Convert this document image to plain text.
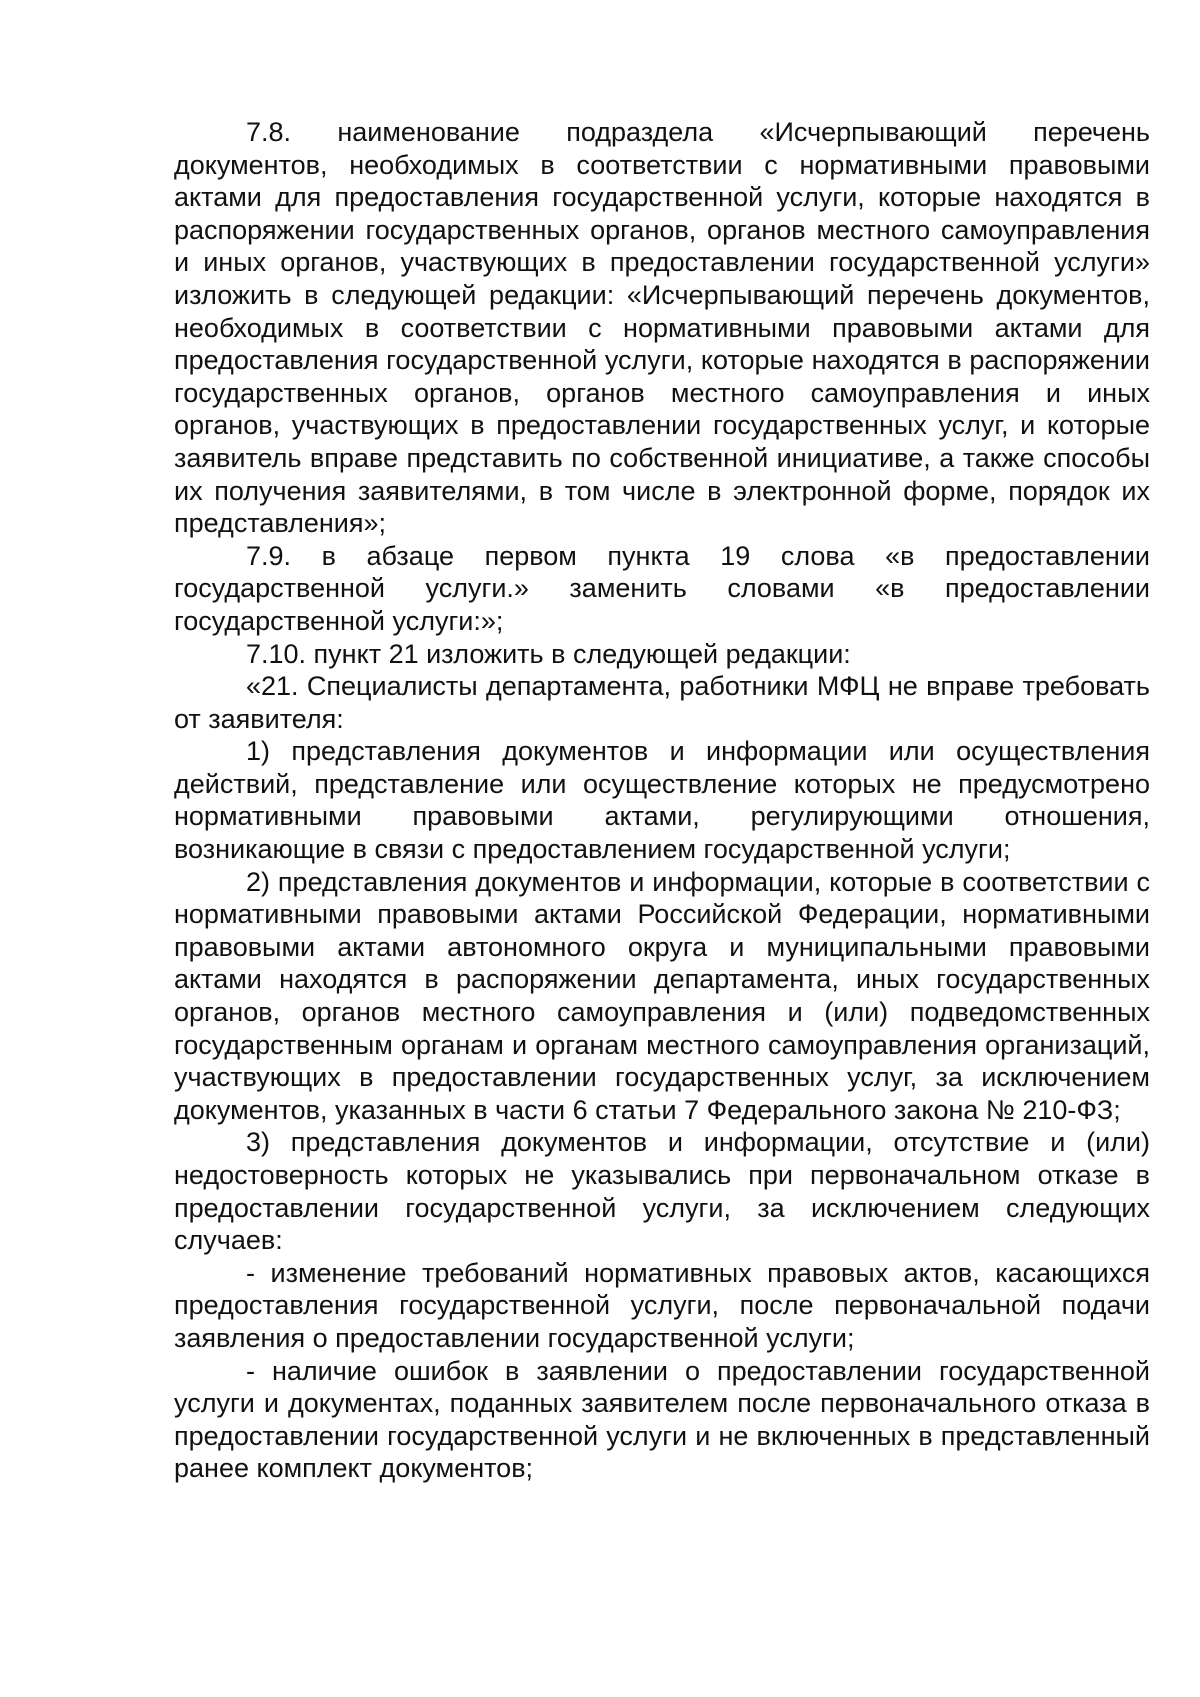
7.8. наименование подраздела «Исчерпывающий перечень документов, необходимых в соответствии с нормативными правовыми актами для предоставления государственной услуги, которые находятся в распоряжении государственных органов, органов местного самоуправления и иных органов, участвующих в предоставлении государственной услуги» изложить в следующей редакции: «Исчерпывающий перечень документов, необходимых в соответствии с нормативными правовыми актами для предоставления государственной услуги, которые находятся в распоряжении государственных органов, органов местного самоуправления и иных органов, участвующих в предоставлении государственных услуг, и которые заявитель вправе представить по собственной инициативе, а также способы их получения заявителями, в том числе в электронной форме, порядок их представления»;

7.9. в абзаце первом пункта 19 слова «в предоставлении государственной услуги.» заменить словами «в предоставлении государственной услуги:»;

7.10. пункт 21 изложить в следующей редакции:

«21. Специалисты департамента, работники МФЦ не вправе требовать от заявителя:

1) представления документов и информации или осуществления действий, представление или осуществление которых не предусмотрено нормативными правовыми актами, регулирующими отношения, возникающие в связи с предоставлением государственной услуги;

2) представления документов и информации, которые в соответствии с нормативными правовыми актами Российской Федерации, нормативными правовыми актами автономного округа и муниципальными правовыми актами находятся в распоряжении департамента, иных государственных органов, органов местного самоуправления и (или) подведомственных государственным органам и органам местного самоуправления организаций, участвующих в предоставлении государственных услуг, за исключением документов, указанных в части 6 статьи 7 Федерального закона № 210-ФЗ;

3) представления документов и информации, отсутствие и (или) недостоверность которых не указывались при первоначальном отказе в предоставлении государственной услуги, за исключением следующих случаев:

- изменение требований нормативных правовых актов, касающихся предоставления государственной услуги, после первоначальной подачи заявления о предоставлении государственной услуги;

- наличие ошибок в заявлении о предоставлении государственной услуги и документах, поданных заявителем после первоначального отказа в предоставлении государственной услуги и не включенных в представленный ранее комплект документов;
